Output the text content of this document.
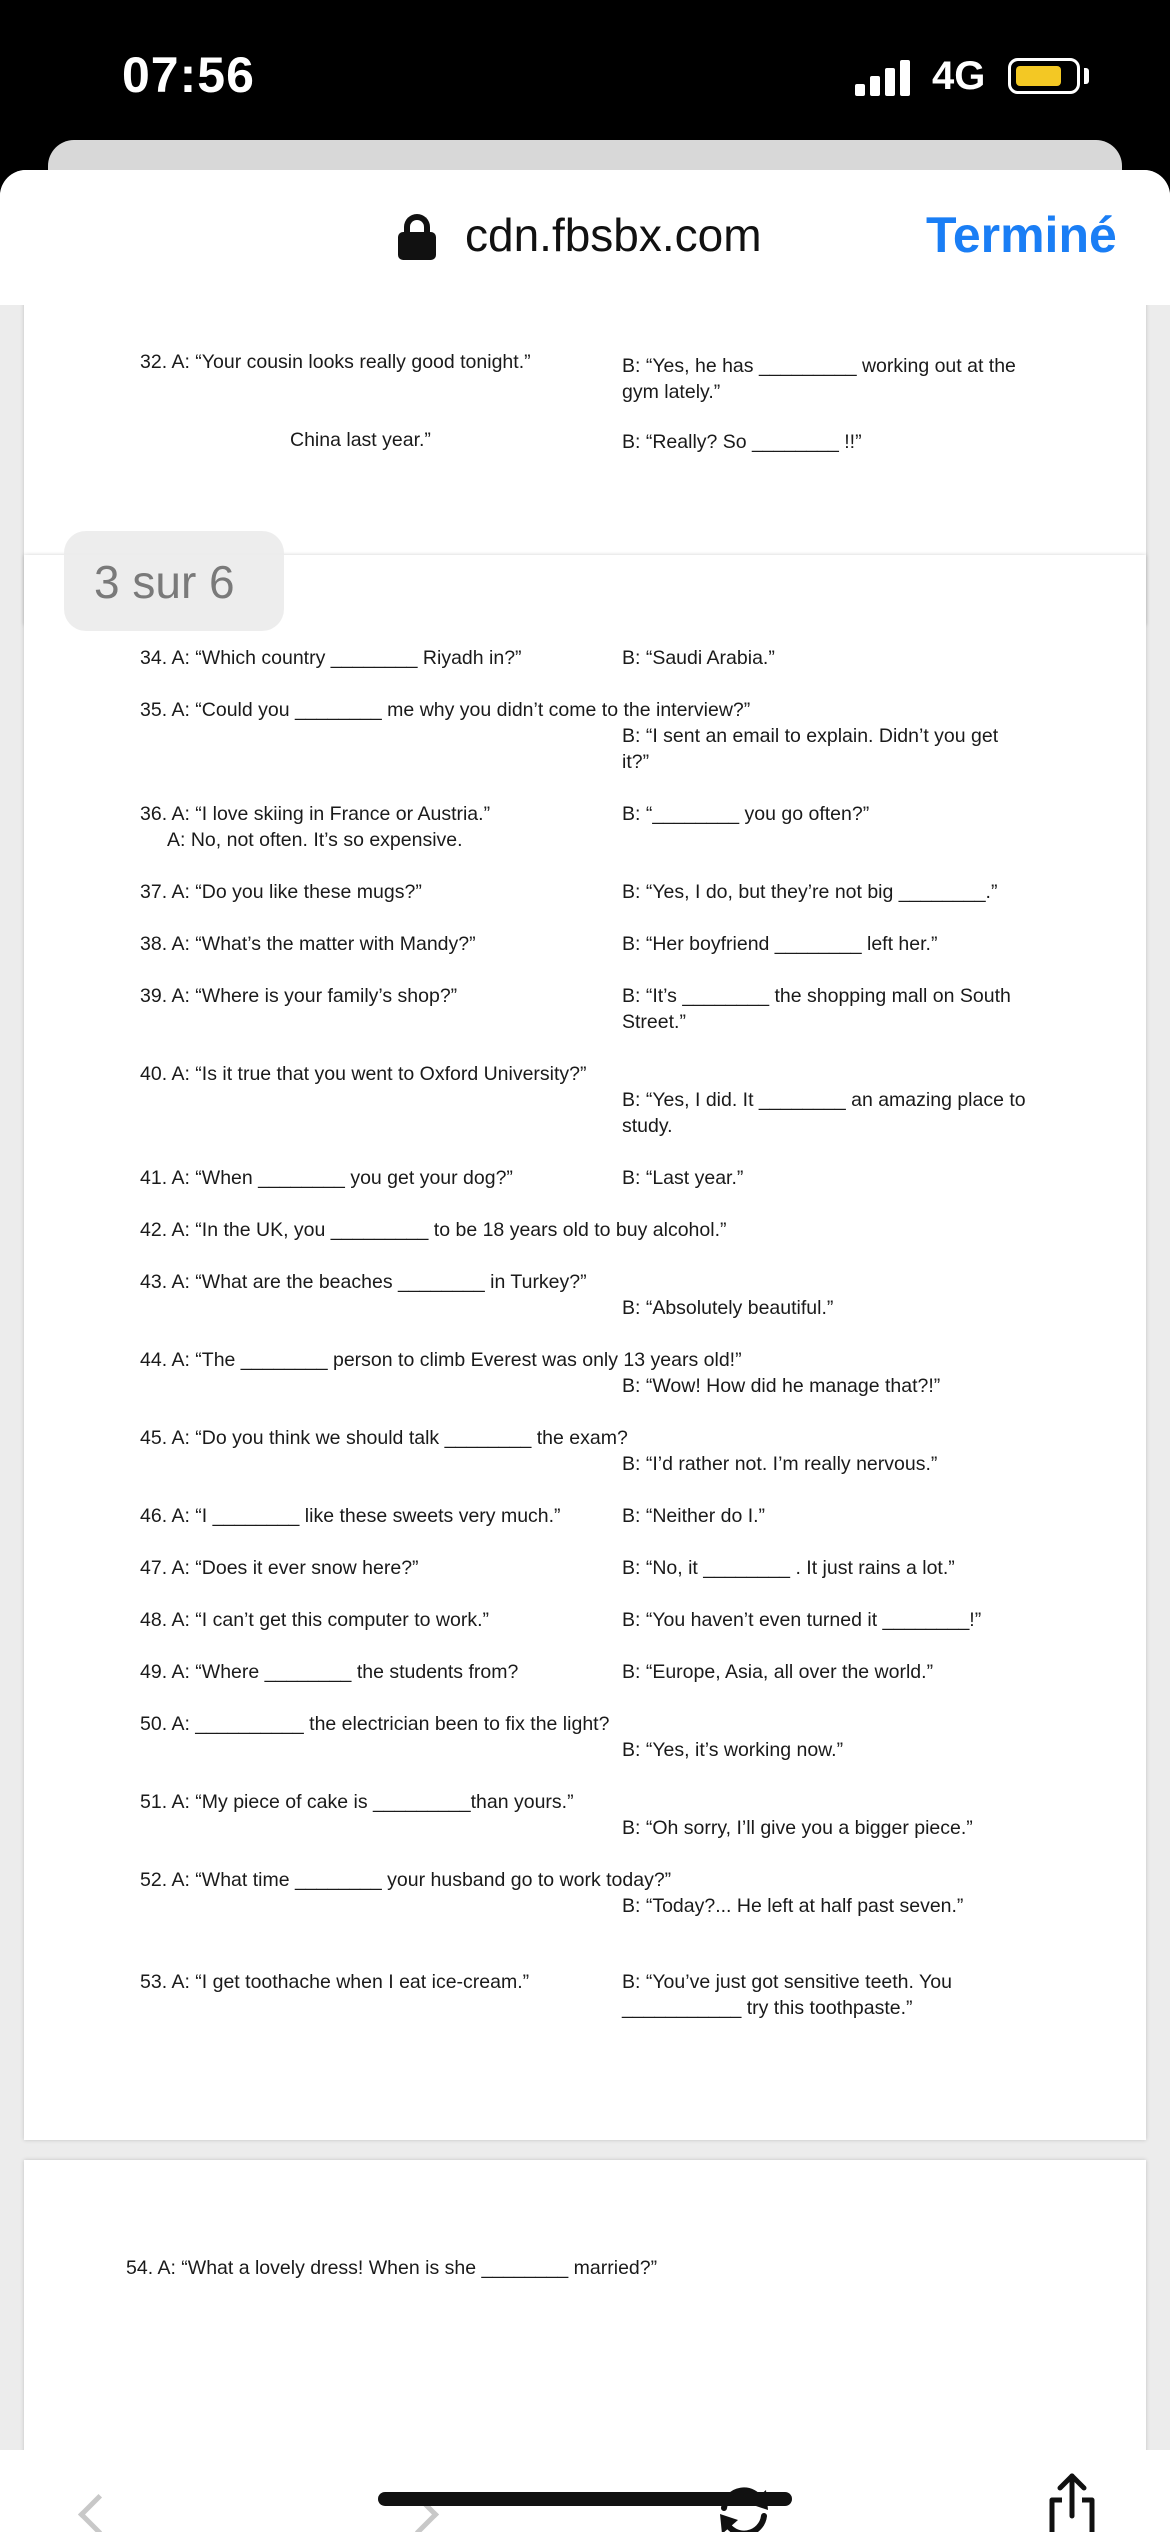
07:56	4G
cdn.fbsbx.com	Terminé
32. A: “Your cousin looks really good tonight.”	B: “Yes, he has _________ working out at the
gym lately.”
China last year.”	B: “Really? So ________ !!”
34. A: “Which country ________ Riyadh in?”	B: “Saudi Arabia.”
35. A: “Could you ________ me why you didn’t come to the interview?”
B: “I sent an email to explain. Didn’t you get
it?”
36. A: “I love skiing in France or Austria.”
A: No, not often. It’s so expensive.
B: “________ you go often?”
37. A: “Do you like these mugs?”	B: “Yes, I do, but they’re not big ________.”
38. A: “What’s the matter with Mandy?”	B: “Her boyfriend ________ left her.”
39. A: “Where is your family’s shop?”	B: “It’s ________ the shopping mall on South
Street.”
40. A: “Is it true that you went to Oxford University?”
B: “Yes, I did. It ________ an amazing place to
study.
41. A: “When ________ you get your dog?”	B: “Last year.”
42. A: “In the UK, you _________ to be 18 years old to buy alcohol.”
43. A: “What are the beaches ________ in Turkey?”
B: “Absolutely beautiful.”
44. A: “The ________ person to climb Everest was only 13 years old!”
B: “Wow! How did he manage that?!”
45. A: “Do you think we should talk ________ the exam?
B: “I’d rather not. I’m really nervous.”
46. A: “I ________ like these sweets very much.”	B: “Neither do I.”
47. A: “Does it ever snow here?”	B: “No, it ________ . It just rains a lot.”
48. A: “I can’t get this computer to work.”	B: “You haven’t even turned it ________!”
49. A: “Where ________ the students from?	B: “Europe, Asia, all over the world.”
50. A: __________ the electrician been to fix the light?
B: “Yes, it’s working now.”
51. A: “My piece of cake is _________than yours.”
B: “Oh sorry, I’ll give you a bigger piece.”
52. A: “What time ________ your husband go to work today?”
B: “Today?... He left at half past seven.”
53. A: “I get toothache when I eat ice-cream.”	B: “You’ve just got sensitive teeth. You
___________ try this toothpaste.”
54. A: “What a lovely dress! When is she ________ married?”
3 sur 6
